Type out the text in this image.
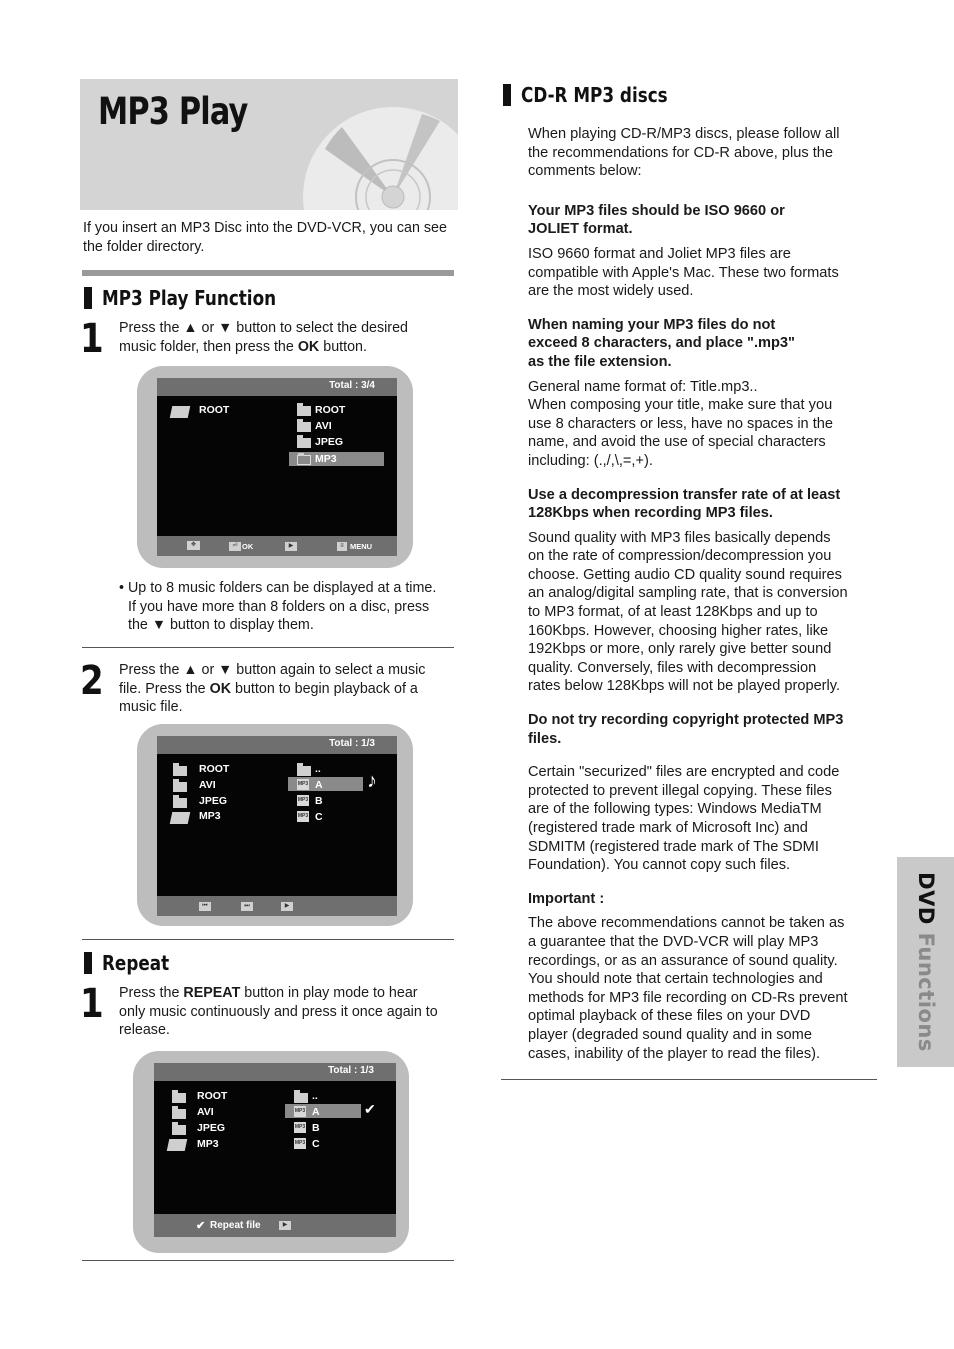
MP3 Play
If you insert an MP3 Disc into the DVD-VCR, you can see the folder directory.
MP3 Play Function
1 Press the ▲ or ▼ button to select the desired
music folder, then press the OK button.
Total : 3/4
ROOT	ROOT
AVI
JPEG
MP3
✥	⏎ OK	▶	≡ MENU
• Up to 8 music folders can be displayed at a time.
If you have more than 8 folders on a disc, press
the ▼ button to display them.
2 Press the ▲ or ▼ button again to select a music
file. Press the OK button to begin playback of a
music file.
Total : 1/3
ROOT
AVI
JPEG
MP3
..
MP3 A
MP3 B
MP3 C
♪
⏮	⏭	▶
Repeat
1 Press the REPEAT button in play mode to hear
only music continuously and press it once again to
release.
Total : 1/3
ROOT
AVI
JPEG
MP3
..
MP3 A
MP3 B
MP3 C
✔
✔ Repeat file	▶
CD-R MP3 discs
When playing CD-R/MP3 discs, please follow all
the recommendations for CD-R above, plus the
comments below:
Your MP3 files should be ISO 9660 or
JOLIET format.
ISO 9660 format and Joliet MP3 files are
compatible with Apple's Mac. These two formats
are the most widely used.
When naming your MP3 files do not
exceed 8 characters, and place ".mp3"
as the file extension.
General name format of: Title.mp3..
When composing your title, make sure that you
use 8 characters or less, have no spaces in the
name, and avoid the use of special characters
including: (.,/,\,=,+).
Use a decompression transfer rate of at least
128Kbps when recording MP3 files.
Sound quality with MP3 files basically depends
on the rate of compression/decompression you
choose. Getting audio CD quality sound requires
an analog/digital sampling rate, that is conversion
to MP3 format, of at least 128Kbps and up to
160Kbps. However, choosing higher rates, like
192Kbps or more, only rarely give better sound
quality. Conversely, files with decompression
rates below 128Kbps will not be played properly.
Do not try recording copyright protected MP3
files.
Certain "securized" files are encrypted and code
protected to prevent illegal copying. These files
are of the following types: Windows MediaTM
(registered trade mark of Microsoft Inc) and
SDMITM (registered trade mark of The SDMI
Foundation). You cannot copy such files.
Important :
The above recommendations cannot be taken as
a guarantee that the DVD-VCR will play MP3
recordings, or as an assurance of sound quality.
You should note that certain technologies and
methods for MP3 file recording on CD-Rs prevent
optimal playback of these files on your DVD
player (degraded sound quality and in some
cases, inability of the player to read the files).
DVD Functions
